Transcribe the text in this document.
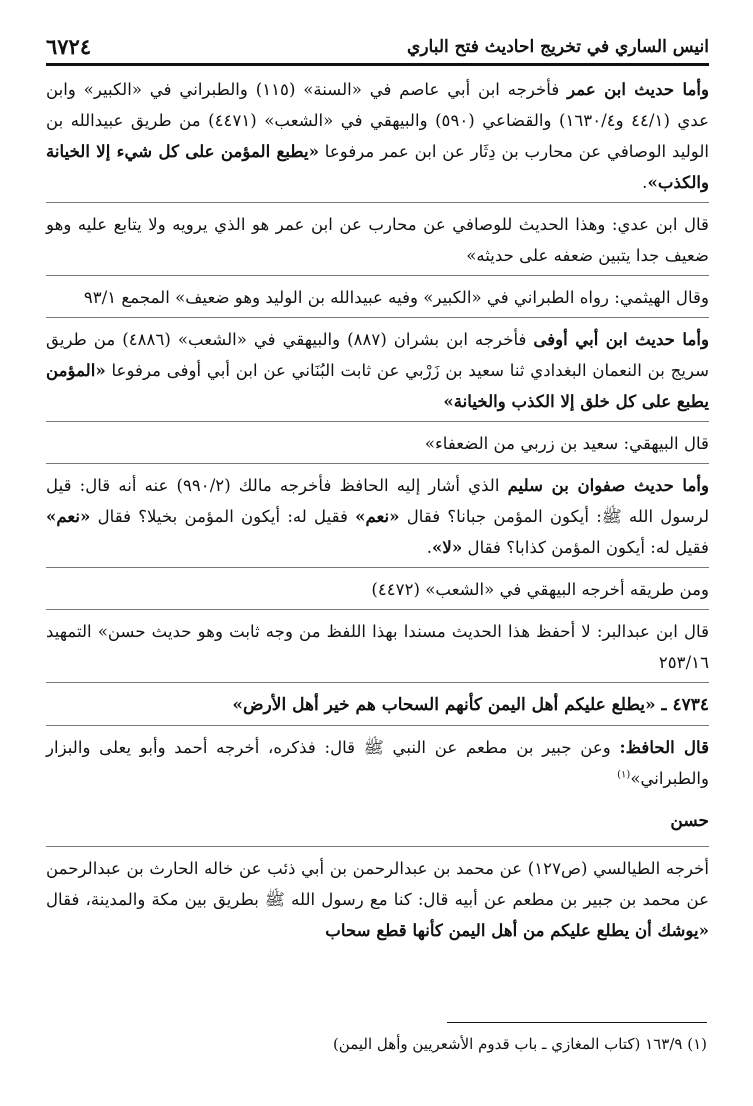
انيس الساري في تخريج احاديث فتح الباري
٦٧٢٤
وأما حديث ابن عمر فأخرجه ابن أبي عاصم في «السنة» (١١٥) والطبراني في «الكبير» وابن عدي (٤٤/١ و١٦٣٠/٤) والقضاعي (٥٩٠) والبيهقي في «الشعب» (٤٤٧١) من طريق عبيدالله بن الوليد الوصافي عن محارب بن دِثَار عن ابن عمر مرفوعا «يطبع المؤمن على كل شيء إلا الخيانة والكذب».
قال ابن عدي: وهذا الحديث للوصافي عن محارب عن ابن عمر هو الذي يرويه ولا يتابع عليه وهو ضعيف جدا يتبين ضعفه على حديثه»
وقال الهيثمي: رواه الطبراني في «الكبير» وفيه عبيدالله بن الوليد وهو ضعيف» المجمع ٩٣/١
وأما حديث ابن أبي أوفى فأخرجه ابن بشران (٨٨٧) والبيهقي في «الشعب» (٤٨٨٦) من طريق سريج بن النعمان البغدادي ثنا سعيد بن زَرْبي عن ثابت البُنَاني عن ابن أبي أوفى مرفوعا «المؤمن يطبع على كل خلق إلا الكذب والخيانة»
قال البيهقي: سعيد بن زربي من الضعفاء»
وأما حديث صفوان بن سليم الذي أشار إليه الحافظ فأخرجه مالك (٩٩٠/٢) عنه أنه قال: قيل لرسول الله ﷺ: أيكون المؤمن جبانا؟ فقال «نعم» فقيل له: أيكون المؤمن بخيلا؟ فقال «نعم» فقيل له: أيكون المؤمن كذابا؟ فقال «لا».
ومن طريقه أخرجه البيهقي في «الشعب» (٤٤٧٢)
قال ابن عبدالبر: لا أحفظ هذا الحديث مسندا بهذا اللفظ من وجه ثابت وهو حديث حسن» التمهيد ٢٥٣/١٦
٤٧٣٤ ـ «يطلع عليكم أهل اليمن كأنهم السحاب هم خير أهل الأرض»
قال الحافظ: وعن جبير بن مطعم عن النبي ﷺ قال: فذكره، أخرجه أحمد وأبو يعلى والبزار والطبراني»$^{(١)}$
حسن
أخرجه الطيالسي (ص١٢٧) عن محمد بن عبدالرحمن بن أبي ذئب عن خاله الحارث بن عبدالرحمن عن محمد بن جبير بن مطعم عن أبيه قال: كنا مع رسول الله ﷺ بطريق بين مكة والمدينة، فقال «يوشك أن يطلع عليكم من أهل اليمن كأنها قطع سحاب
(١) ١٦٣/٩ (كتاب المغازي ـ باب قدوم الأشعريين وأهل اليمن)
